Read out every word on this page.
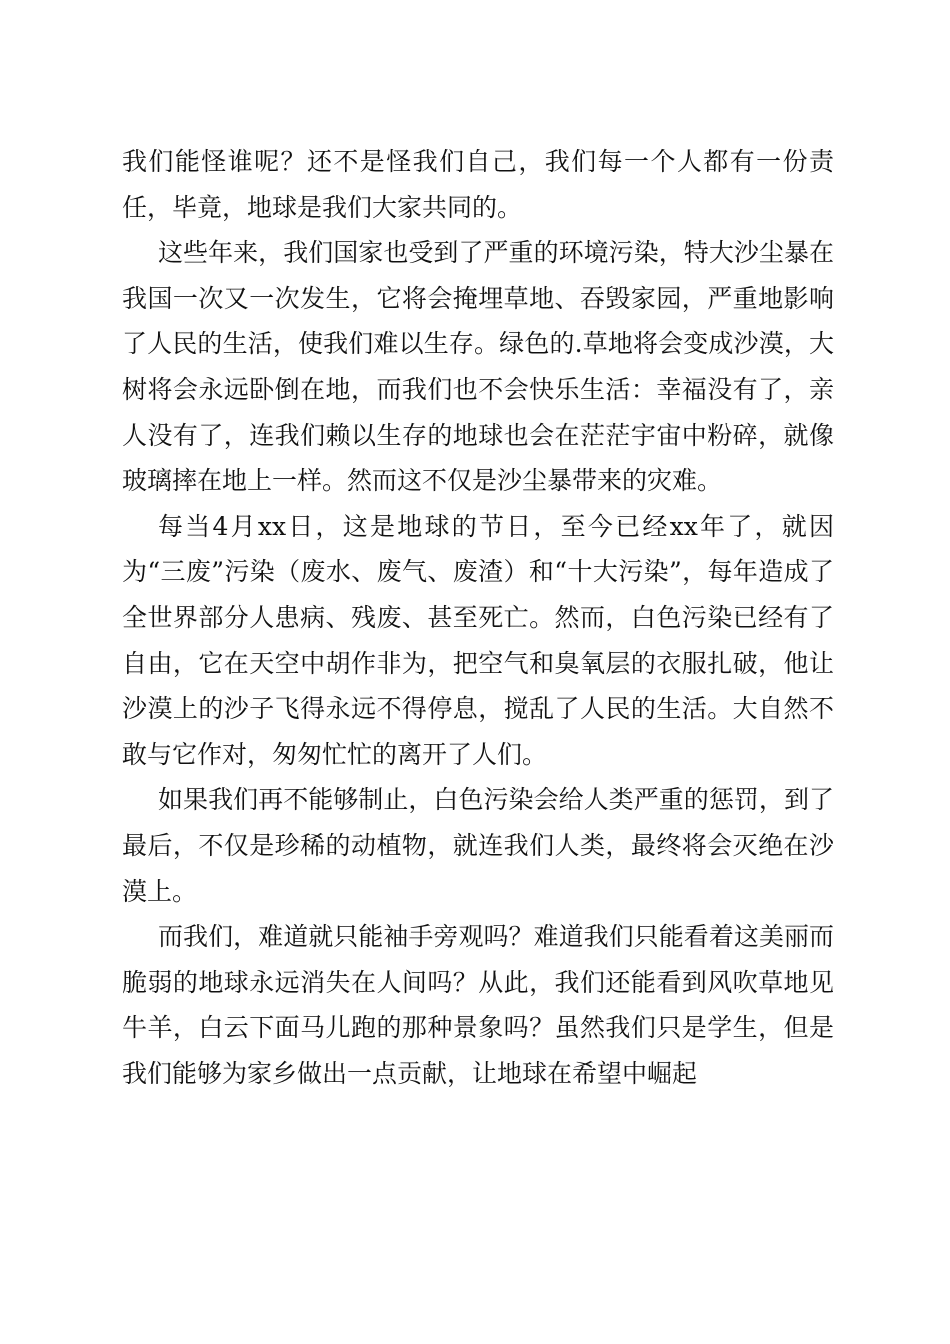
我们能怪谁呢？还不是怪我们自己，我们每一个人都有一份责任，毕竟，地球是我们大家共同的。

这些年来，我们国家也受到了严重的环境污染，特大沙尘暴在我国一次又一次发生，它将会掩埋草地、吞毁家园，严重地影响了人民的生活，使我们难以生存。绿色的.草地将会变成沙漠，大树将会永远卧倒在地，而我们也不会快乐生活：幸福没有了，亲人没有了，连我们赖以生存的地球也会在茫茫宇宙中粉碎，就像玻璃摔在地上一样。然而这不仅是沙尘暴带来的灾难。

每当4月xx日，这是地球的节日，至今已经xx年了，就因为“三废”污染（废水、废气、废渣）和“十大污染”，每年造成了全世界部分人患病、残废、甚至死亡。然而，白色污染已经有了自由，它在天空中胡作非为，把空气和臭氧层的衣服扎破，他让沙漠上的沙子飞得永远不得停息，搅乱了人民的生活。大自然不敢与它作对，匆匆忙忙的离开了人们。

如果我们再不能够制止，白色污染会给人类严重的惩罚，到了最后，不仅是珍稀的动植物，就连我们人类，最终将会灭绝在沙漠上。

而我们，难道就只能袖手旁观吗？难道我们只能看着这美丽而脆弱的地球永远消失在人间吗？从此，我们还能看到风吹草地见牛羊，白云下面马儿跑的那种景象吗？虽然我们只是学生，但是我们能够为家乡做出一点贡献，让地球在希望中崛起
